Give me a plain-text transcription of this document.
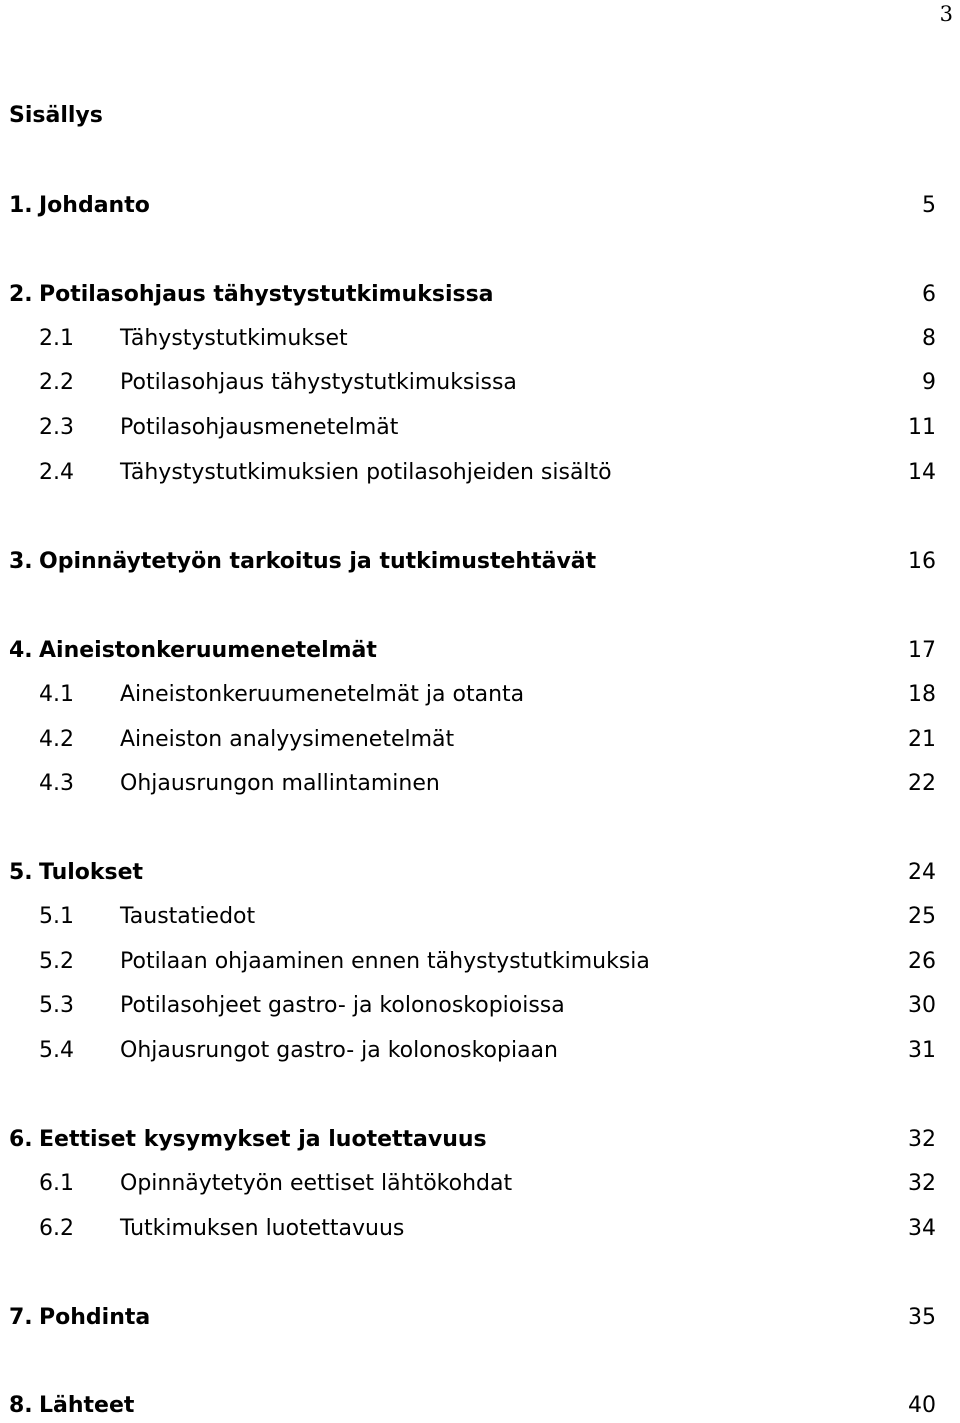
3
Sisällys
1. Johdanto	5
2. Potilasohjaus tähystystutkimuksissa	6
2.1 Tähystystutkimukset	8
2.2 Potilasohjaus tähystystutkimuksissa	9
2.3 Potilasohjausmenetelmät	11
2.4 Tähystystutkimuksien potilasohjeiden sisältö	14
3. Opinnäytetyön tarkoitus ja tutkimustehtävät	16
4. Aineistonkeruumenetelmät	17
4.1 Aineistonkeruumenetelmät ja otanta	18
4.2 Aineiston analyysimenetelmät	21
4.3 Ohjausrungon mallintaminen	22
5. Tulokset	24
5.1 Taustatiedot	25
5.2 Potilaan ohjaaminen ennen tähystystutkimuksia	26
5.3 Potilasohjeet gastro- ja kolonoskopioissa	30
5.4 Ohjausrungot gastro- ja kolonoskopiaan	31
6. Eettiset kysymykset ja luotettavuus	32
6.1 Opinnäytetyön eettiset lähtökohdat	32
6.2 Tutkimuksen luotettavuus	34
7. Pohdinta	35
8. Lähteet	40
